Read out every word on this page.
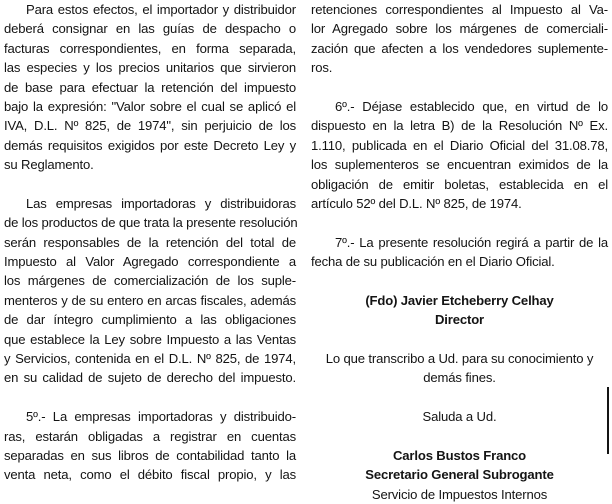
Para estos efectos, el importador y distribuidor
deberá consignar en las guías de despacho o
facturas correspondientes, en forma separada,
las especies y los precios unitarios que sirvieron
de base para efectuar la retención del impuesto
bajo la expresión: "Valor sobre el cual se aplicó el
IVA, D.L. Nº 825, de 1974", sin perjuicio de los
demás requisitos exigidos por este Decreto Ley y
su Reglamento.
Las empresas importadoras y distribuidoras
de los productos de que trata la presente resolución
serán responsables de la retención del total de
Impuesto al Valor Agregado correspondiente a
los márgenes de comercialización de los suple-
menteros y de su entero en arcas fiscales, además
de dar íntegro cumplimiento a las obligaciones
que establece la Ley sobre Impuesto a las Ventas
y Servicios, contenida en el D.L. Nº 825, de 1974,
en su calidad de sujeto de derecho del impuesto.
5º.- La empresas importadoras y distribuido-
ras, estarán obligadas a registrar en cuentas
separadas en sus libros de contabilidad tanto la
venta neta, como el débito fiscal propio, y las
retenciones correspondientes al Impuesto al Va-
lor Agregado sobre los márgenes de comerciali-
zación que afecten a los vendedores suplemente-
ros.
6º.- Déjase establecido que, en virtud de lo
dispuesto en la letra B) de la Resolución Nº Ex.
1.110, publicada en el Diario Oficial del 31.08.78,
los suplementeros se encuentran eximidos de la
obligación de emitir boletas, establecida en el
artículo 52º del D.L. Nº 825, de 1974.
7º.- La presente resolución regirá a partir de la
fecha de su publicación en el Diario Oficial.
(Fdo) Javier Etcheberry Celhay
Director
Lo que transcribo a Ud. para su conocimiento y
demás fines.
Saluda a Ud.
Carlos Bustos Franco
Secretario General Subrogante
Servicio de Impuestos Internos
